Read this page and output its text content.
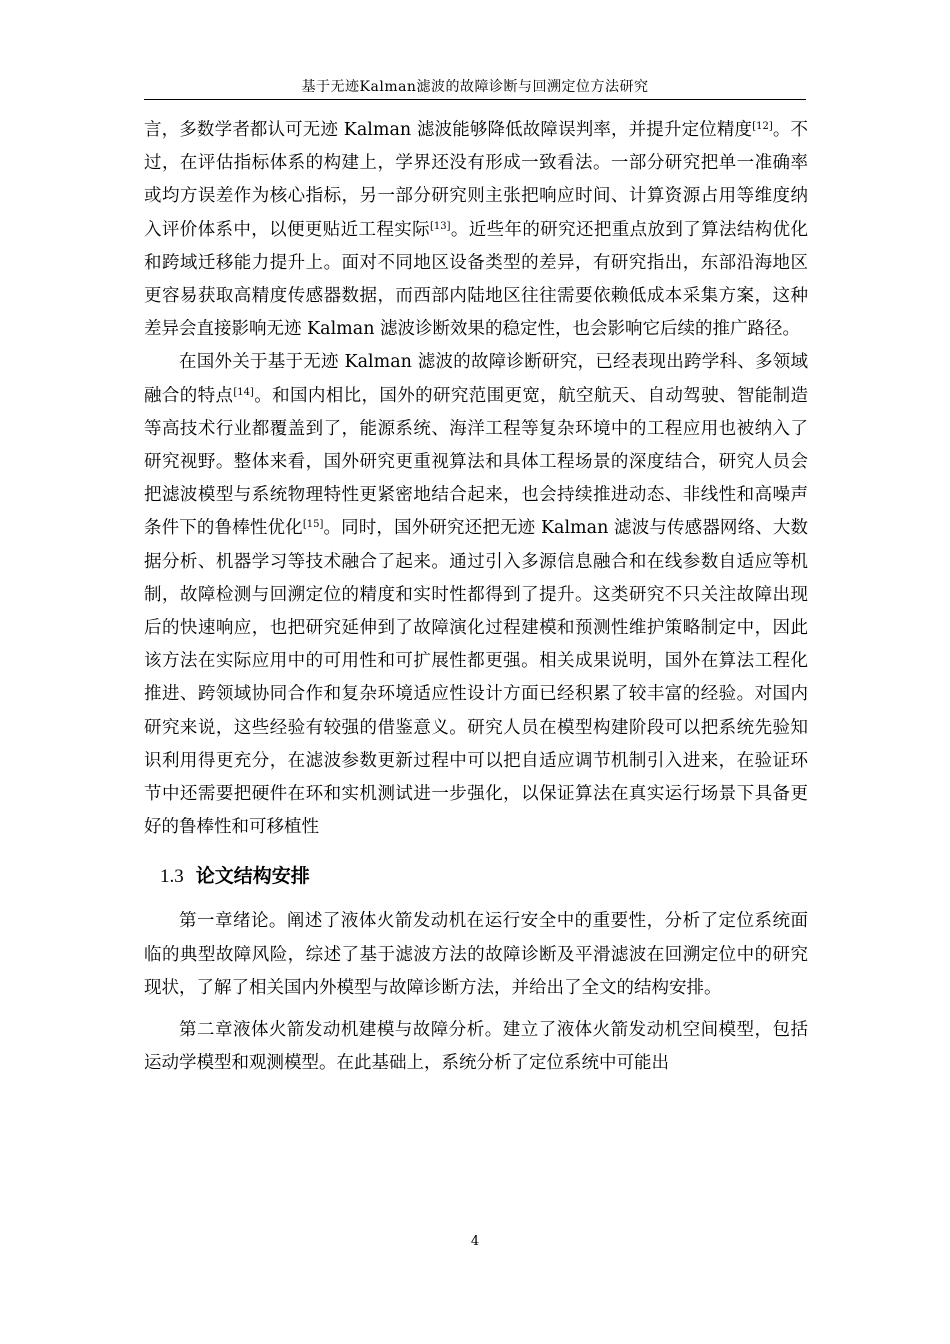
基于无迹Kalman滤波的故障诊断与回溯定位方法研究

言，多数学者都认可无迹 Kalman 滤波能够降低故障误判率，并提升定位精度[12]。不过，在评估指标体系的构建上，学界还没有形成一致看法。一部分研究把单一准确率或均方误差作为核心指标，另一部分研究则主张把响应时间、计算资源占用等维度纳入评价体系中，以便更贴近工程实际[13]。近些年的研究还把重点放到了算法结构优化和跨域迁移能力提升上。面对不同地区设备类型的差异，有研究指出，东部沿海地区更容易获取高精度传感器数据，而西部内陆地区往往需要依赖低成本采集方案，这种差异会直接影响无迹 Kalman 滤波诊断效果的稳定性，也会影响它后续的推广路径。

在国外关于基于无迹 Kalman 滤波的故障诊断研究，已经表现出跨学科、多领域融合的特点[14]。和国内相比，国外的研究范围更宽，航空航天、自动驾驶、智能制造等高技术行业都覆盖到了，能源系统、海洋工程等复杂环境中的工程应用也被纳入了研究视野。整体来看，国外研究更重视算法和具体工程场景的深度结合，研究人员会把滤波模型与系统物理特性更紧密地结合起来，也会持续推进动态、非线性和高噪声条件下的鲁棒性优化[15]。同时，国外研究还把无迹 Kalman 滤波与传感器网络、大数据分析、机器学习等技术融合了起来。通过引入多源信息融合和在线参数自适应等机制，故障检测与回溯定位的精度和实时性都得到了提升。这类研究不只关注故障出现后的快速响应，也把研究延伸到了故障演化过程建模和预测性维护策略制定中，因此该方法在实际应用中的可用性和可扩展性都更强。相关成果说明，国外在算法工程化推进、跨领域协同合作和复杂环境适应性设计方面已经积累了较丰富的经验。对国内研究来说，这些经验有较强的借鉴意义。研究人员在模型构建阶段可以把系统先验知识利用得更充分，在滤波参数更新过程中可以把自适应调节机制引入进来，在验证环节中还需要把硬件在环和实机测试进一步强化，以保证算法在真实运行场景下具备更好的鲁棒性和可移植性

1.3 论文结构安排

第一章绪论。阐述了液体火箭发动机在运行安全中的重要性，分析了定位系统面临的典型故障风险，综述了基于滤波方法的故障诊断及平滑滤波在回溯定位中的研究现状，了解了相关国内外模型与故障诊断方法，并给出了全文的结构安排。

第二章液体火箭发动机建模与故障分析。建立了液体火箭发动机空间模型，包括运动学模型和观测模型。在此基础上，系统分析了定位系统中可能出

4
